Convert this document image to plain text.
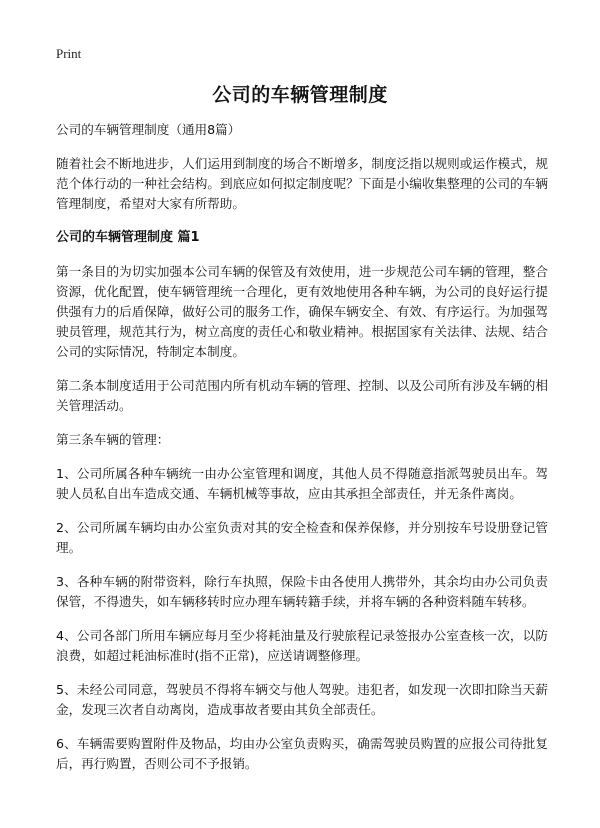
Print
公司的车辆管理制度

公司的车辆管理制度（通用8篇）

随着社会不断地进步，人们运用到制度的场合不断增多，制度泛指以规则或运作模式，规范个体行动的一种社会结构。到底应如何拟定制度呢？下面是小编收集整理的公司的车辆管理制度，希望对大家有所帮助。

公司的车辆管理制度 篇1

第一条目的为切实加强本公司车辆的保管及有效使用，进一步规范公司车辆的管理，整合资源，优化配置，使车辆管理统一合理化，更有效地使用各种车辆，为公司的良好运行提供强有力的后盾保障，做好公司的服务工作，确保车辆安全、有效、有序运行。为加强驾驶员管理，规范其行为，树立高度的责任心和敬业精神。根据国家有关法律、法规、结合公司的实际情况，特制定本制度。

第二条本制度适用于公司范围内所有机动车辆的管理、控制、以及公司所有涉及车辆的相关管理活动。

第三条车辆的管理：

1、公司所属各种车辆统一由办公室管理和调度，其他人员不得随意指派驾驶员出车。驾驶人员私自出车造成交通、车辆机械等事故，应由其承担全部责任，并无条件离岗。

2、公司所属车辆均由办公室负责对其的安全检查和保养保修，并分别按车号设册登记管理。

3、各种车辆的附带资料，除行车执照，保险卡由各使用人携带外，其余均由办公司负责保管，不得遗失，如车辆移转时应办理车辆转籍手续，并将车辆的各种资料随车转移。

4、公司各部门所用车辆应每月至少将耗油量及行驶旅程记录签报办公室查核一次，以防浪费，如超过耗油标准时(指不正常)，应送请调整修理。

5、未经公司同意，驾驶员不得将车辆交与他人驾驶。违犯者，如发现一次即扣除当天薪金，发现三次者自动离岗，造成事故者要由其负全部责任。

6、车辆需要购置附件及物品，均由办公室负责购买，确需驾驶员购置的应报公司待批复后，再行购置，否则公司不予报销。
